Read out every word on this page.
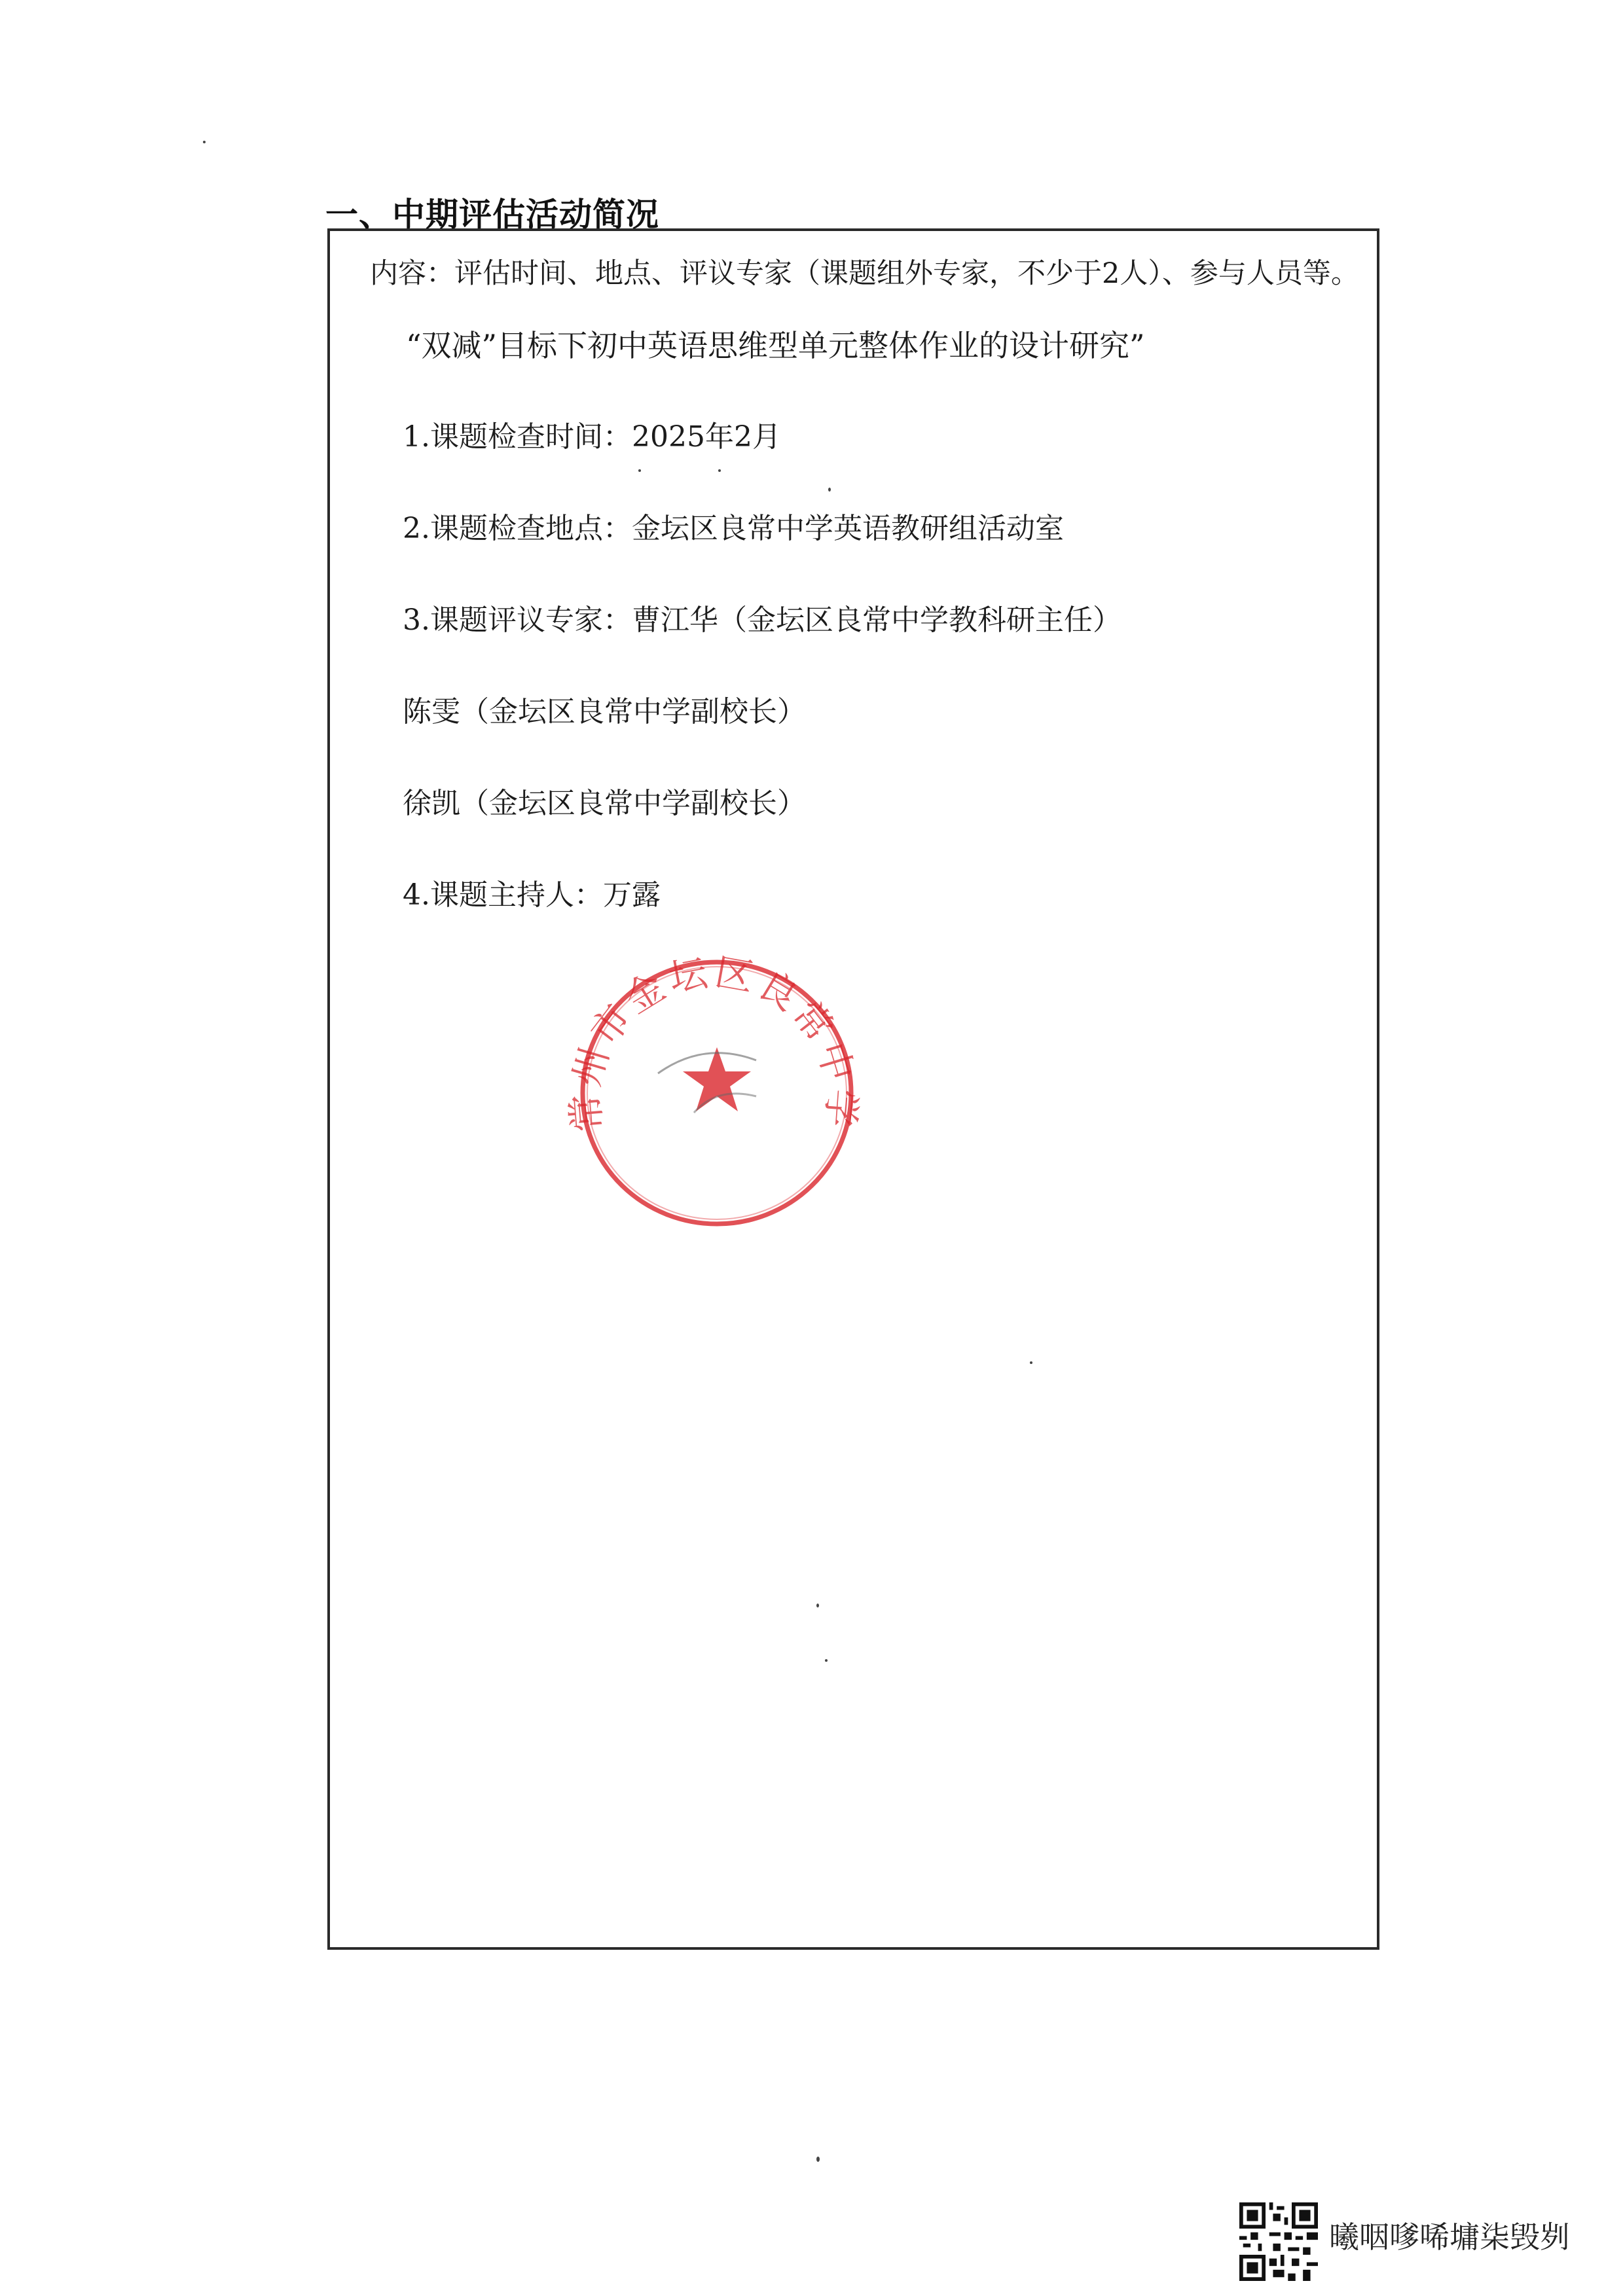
一、中期评估活动简况
内容：评估时间、地点、评议专家（课题组外专家，不少于2人）、参与人员等。
“双减”目标下初中英语思维型单元整体作业的设计研究”
1.课题检查时间：2025年2月
2.课题检查地点：金坛区良常中学英语教研组活动室
3.课题评议专家：曹江华（金坛区良常中学教科研主任）
陈雯（金坛区良常中学副校长）
徐凯（金坛区良常中学副校长）
4.课题主持人：万露
常州市金坛区良常中学
曦咽嗲唏墉柒毁刿
